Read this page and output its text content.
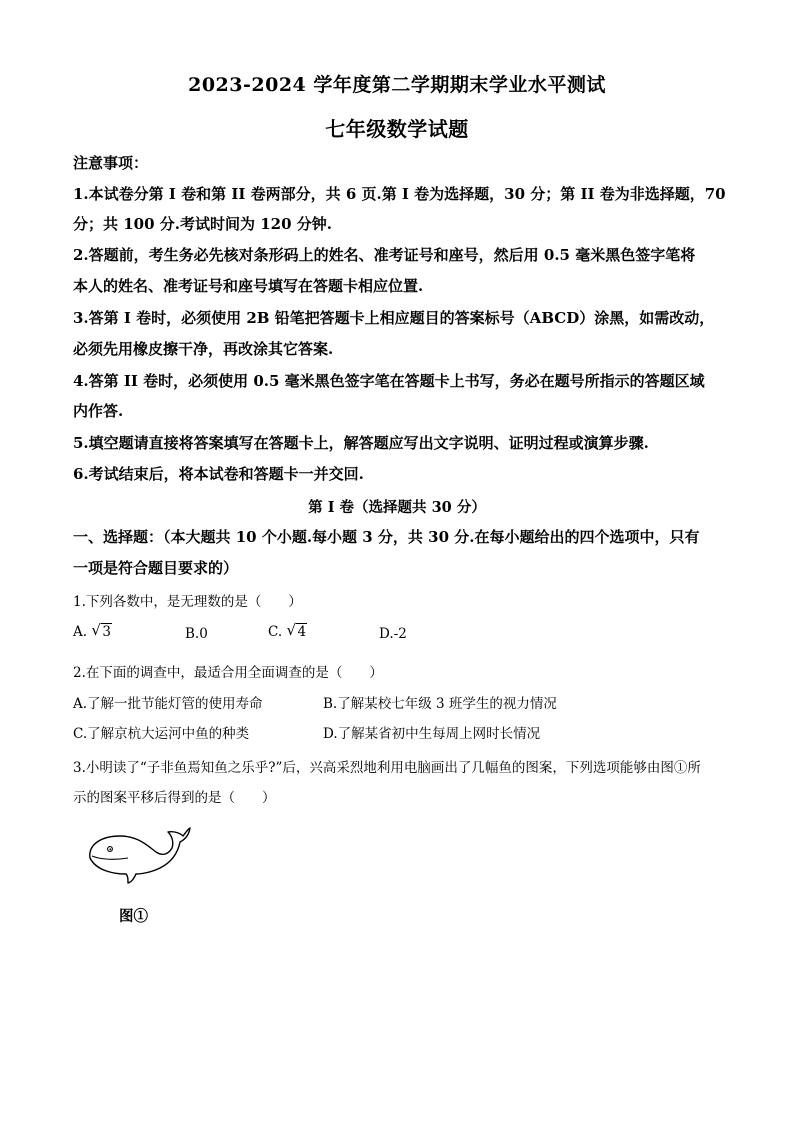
2023-2024 学年度第二学期期末学业水平测试
七年级数学试题
注意事项：
1.本试卷分第 I 卷和第 II 卷两部分，共 6 页.第 I 卷为选择题，30 分；第 II 卷为非选择题，70
分；共 100 分.考试时间为 120 分钟.
2.答题前，考生务必先核对条形码上的姓名、准考证号和座号，然后用 0.5 毫米黑色签字笔将
本人的姓名、准考证号和座号填写在答题卡相应位置.
3.答第 I 卷时，必须使用 2B 铅笔把答题卡上相应题目的答案标号（ABCD）涂黑，如需改动，
必须先用橡皮擦干净，再改涂其它答案.
4.答第 II 卷时，必须使用 0.5 毫米黑色签字笔在答题卡上书写，务必在题号所指示的答题区域
内作答.
5.填空题请直接将答案填写在答题卡上，解答题应写出文字说明、证明过程或演算步骤.
6.考试结束后，将本试卷和答题卡一并交回.
第 I 卷（选择题共 30 分）
一、选择题：（本大题共 10 个小题.每小题 3 分，共 30 分.在每小题给出的四个选项中，只有
一项是符合题目要求的）
1.下列各数中，是无理数的是（　　）
A. √ 3	B.0	C. √ 4	D.-2
2.在下面的调查中，最适合用全面调查的是（　　）
A.了解一批节能灯管的使用寿命	B.了解某校七年级 3 班学生的视力情况
C.了解京杭大运河中鱼的种类	D.了解某省初中生每周上网时长情况
3.小明读了“子非鱼焉知鱼之乐乎?”后，兴高采烈地利用电脑画出了几幅鱼的图案，下列选项能够由图①所
示的图案平移后得到的是（　　）
图①
